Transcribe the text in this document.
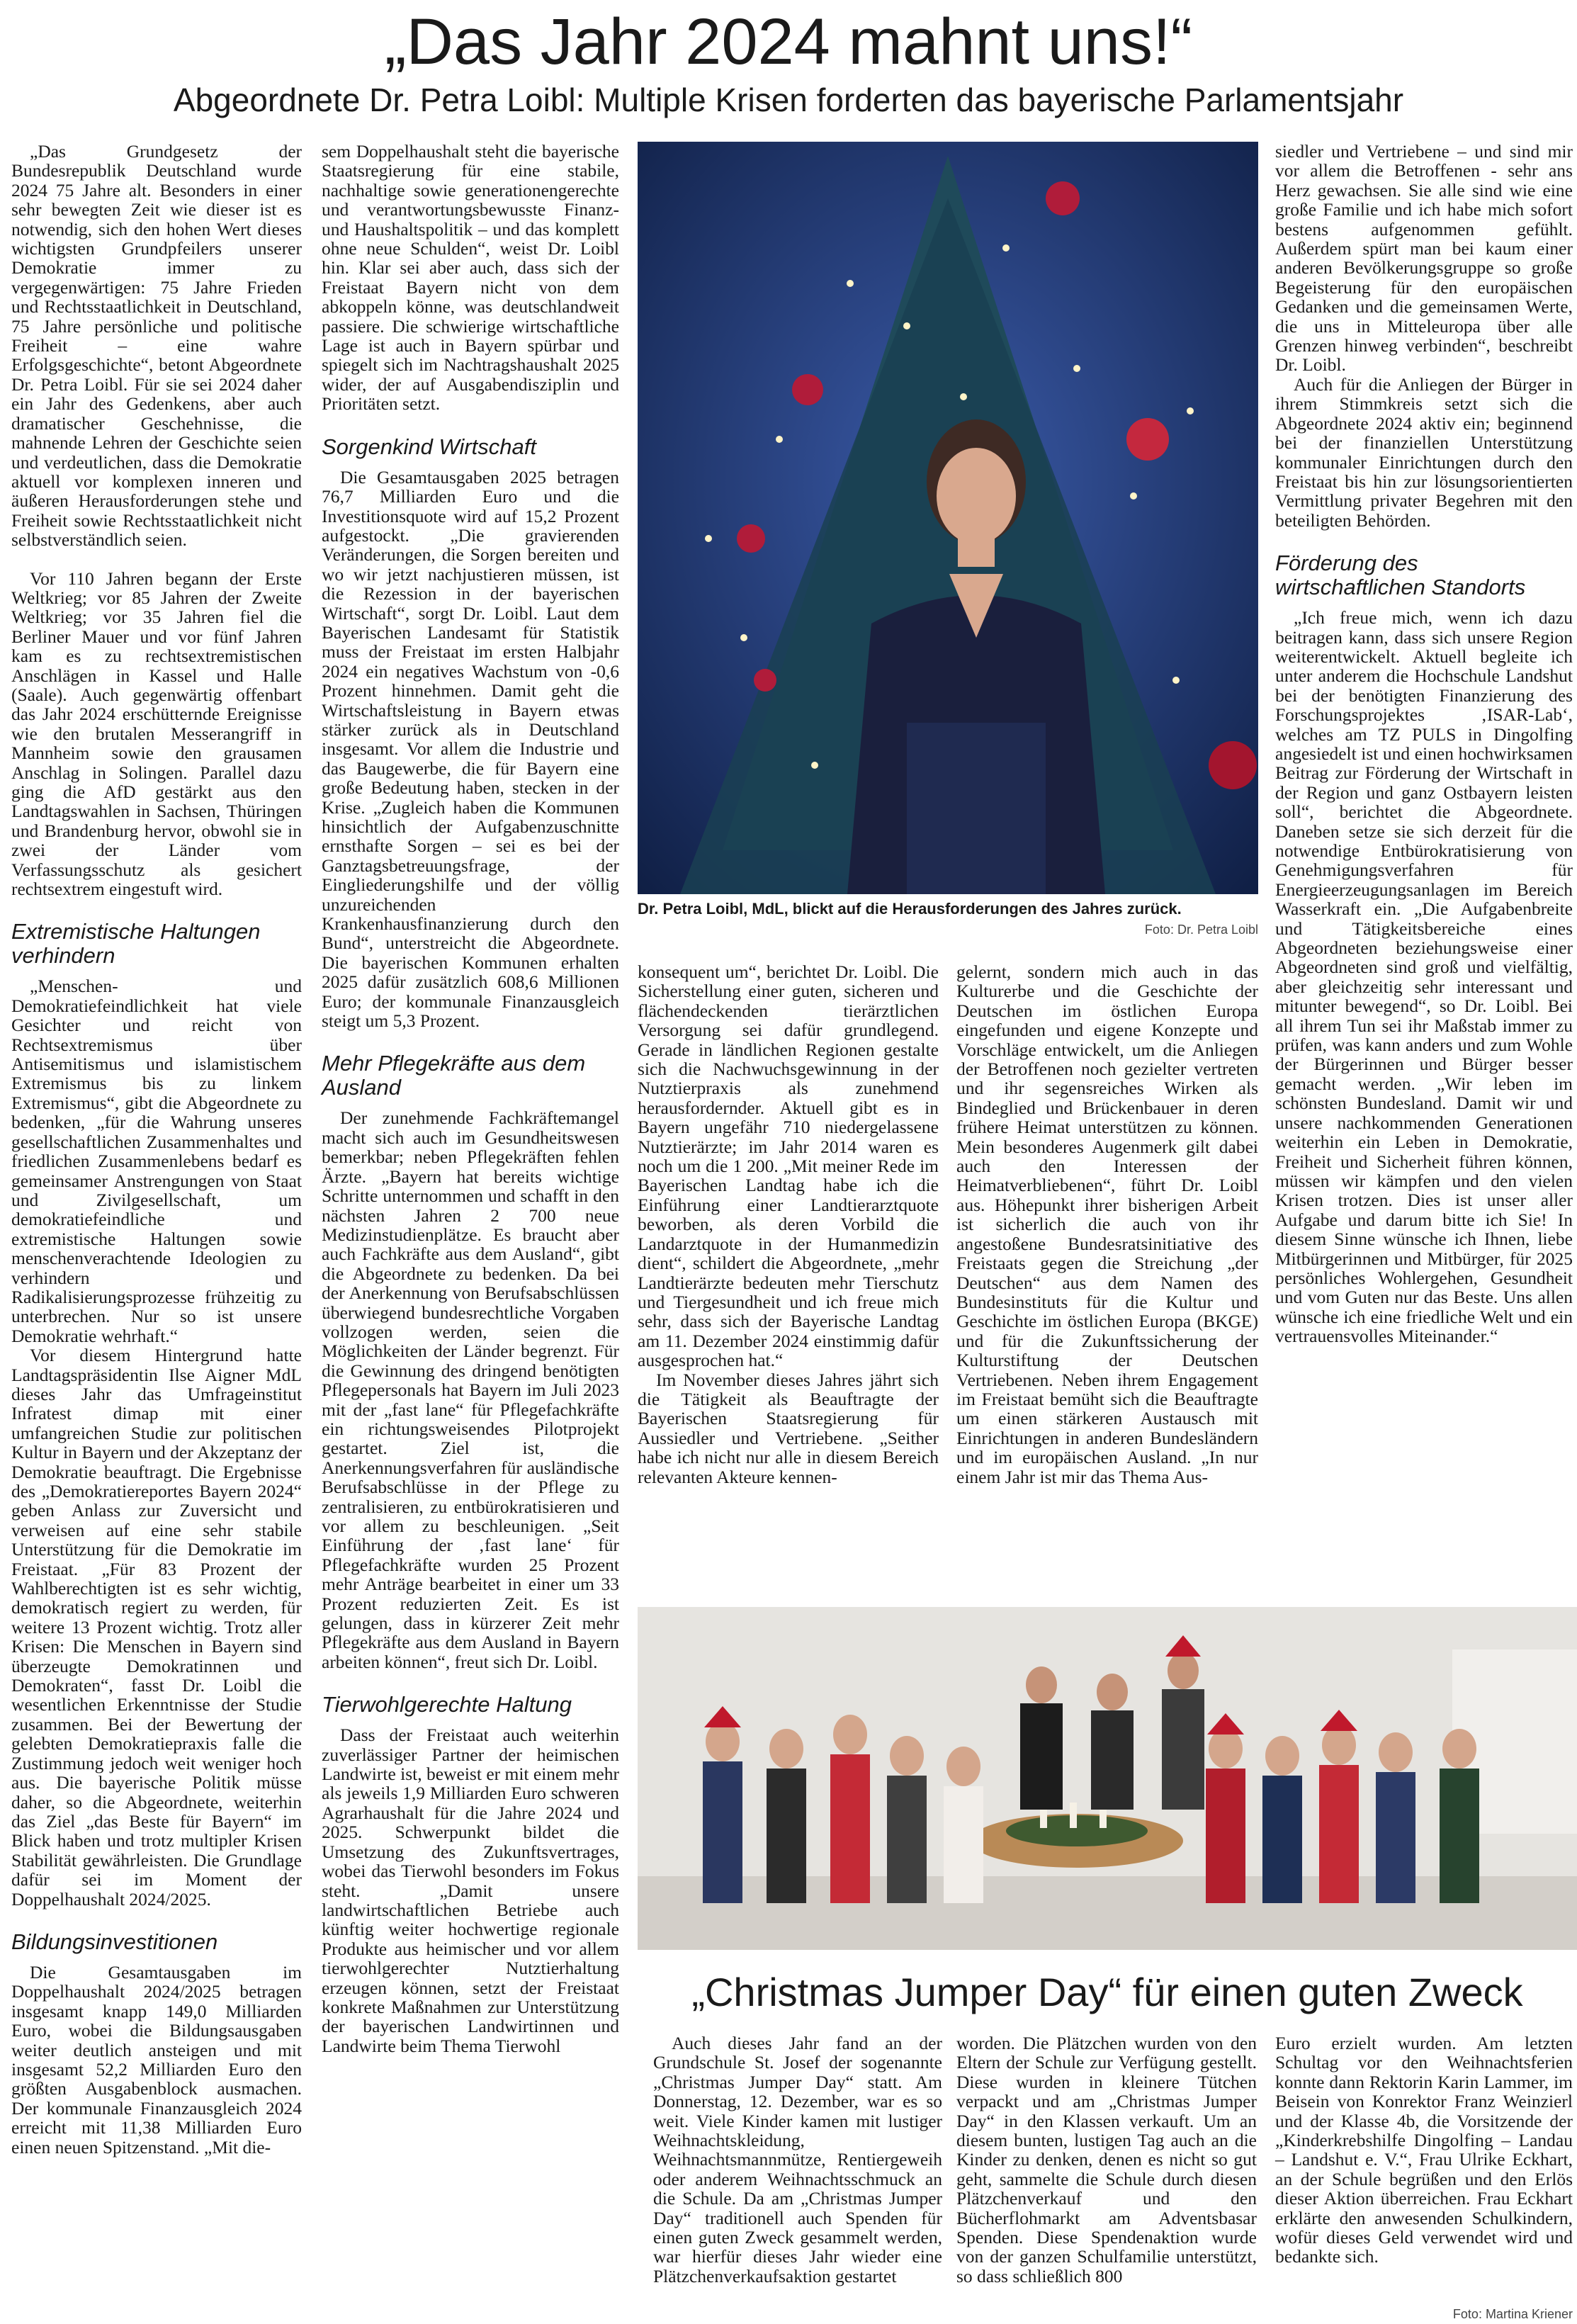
„Das Jahr 2024 mahnt uns!“
Abgeordnete Dr. Petra Loibl: Multiple Krisen forderten das bayerische Parlamentsjahr

„Das Grundgesetz der Bundesrepublik Deutschland wurde 2024 75 Jahre alt. Besonders in einer sehr bewegten Zeit wie dieser ist es notwendig, sich den hohen Wert dieses wichtigsten Grundpfeilers unserer Demokratie immer zu vergegenwärtigen: 75 Jahre Frieden und Rechtsstaatlichkeit in Deutschland, 75 Jahre persönliche und politische Freiheit – eine wahre Erfolgsgeschichte“, betont Abgeordnete Dr. Petra Loibl. Für sie sei 2024 daher ein Jahr des Gedenkens, aber auch dramatischer Geschehnisse, die mahnende Lehren der Geschichte seien und verdeutlichen, dass die Demokratie aktuell vor komplexen inneren und äußeren Herausforderungen stehe und Freiheit sowie Rechtsstaatlichkeit nicht selbstverständlich seien.

Vor 110 Jahren begann der Erste Weltkrieg; vor 85 Jahren der Zweite Weltkrieg; vor 35 Jahren fiel die Berliner Mauer und vor fünf Jahren kam es zu rechtsextremistischen Anschlägen in Kassel und Halle (Saale). Auch gegenwärtig offenbart das Jahr 2024 erschütternde Ereignisse wie den brutalen Messerangriff in Mannheim sowie den grausamen Anschlag in Solingen. Parallel dazu ging die AfD gestärkt aus den Landtagswahlen in Sachsen, Thüringen und Brandenburg hervor, obwohl sie in zwei der Länder vom Verfassungsschutz als gesichert rechtsextrem eingestuft wird.

Extremistische Haltungen verhindern

„Menschen- und Demokratiefeindlichkeit hat viele Gesichter und reicht von Rechtsextremismus über Antisemitismus und islamistischem Extremismus bis zu linkem Extremismus“, gibt die Abgeordnete zu bedenken, „für die Wahrung unseres gesellschaftlichen Zusammenhaltes und friedlichen Zusammenlebens bedarf es gemeinsamer Anstrengungen von Staat und Zivilgesellschaft, um demokratiefeindliche und extremistische Haltungen sowie menschenverachtende Ideologien zu verhindern und Radikalisierungsprozesse frühzeitig zu unterbrechen. Nur so ist unsere Demokratie wehrhaft.“

Vor diesem Hintergrund hatte Landtagspräsidentin Ilse Aigner MdL dieses Jahr das Umfrageinstitut Infratest dimap mit einer umfangreichen Studie zur politischen Kultur in Bayern und der Akzeptanz der Demokratie beauftragt. Die Ergebnisse des „Demokratiereportes Bayern 2024“ geben Anlass zur Zuversicht und verweisen auf eine sehr stabile Unterstützung für die Demokratie im Freistaat. „Für 83 Prozent der Wahlberechtigten ist es sehr wichtig, demokratisch regiert zu werden, für weitere 13 Prozent wichtig. Trotz aller Krisen: Die Menschen in Bayern sind überzeugte Demokratinnen und Demokraten“, fasst Dr. Loibl die wesentlichen Erkenntnisse der Studie zusammen. Bei der Bewertung der gelebten Demokratiepraxis falle die Zustimmung jedoch weit weniger hoch aus. Die bayerische Politik müsse daher, so die Abgeordnete, weiterhin das Ziel „das Beste für Bayern“ im Blick haben und trotz multipler Krisen Stabilität gewährleisten. Die Grundlage dafür sei im Moment der Doppelhaushalt 2024/2025.

Bildungsinvestitionen

Die Gesamtausgaben im Doppelhaushalt 2024/2025 betragen insgesamt knapp 149,0 Milliarden Euro, wobei die Bildungsausgaben weiter deutlich ansteigen und mit insgesamt 52,2 Milliarden Euro den größten Ausgabenblock ausmachen. Der kommunale Finanzausgleich 2024 erreicht mit 11,38 Milliarden Euro einen neuen Spitzenstand. „Mit die-

sem Doppelhaushalt steht die bayerische Staatsregierung für eine stabile, nachhaltige sowie generationengerechte und verantwortungsbewusste Finanz- und Haushaltspolitik – und das komplett ohne neue Schulden“, weist Dr. Loibl hin. Klar sei aber auch, dass sich der Freistaat Bayern nicht von dem abkoppeln könne, was deutschlandweit passiere. Die schwierige wirtschaftliche Lage ist auch in Bayern spürbar und spiegelt sich im Nachtragshaushalt 2025 wider, der auf Ausgabendisziplin und Prioritäten setzt.

Sorgenkind Wirtschaft

Die Gesamtausgaben 2025 betragen 76,7 Milliarden Euro und die Investitionsquote wird auf 15,2 Prozent aufgestockt. „Die gravierenden Veränderungen, die Sorgen bereiten und wo wir jetzt nachjustieren müssen, ist die Rezession in der bayerischen Wirtschaft“, sorgt Dr. Loibl. Laut dem Bayerischen Landesamt für Statistik muss der Freistaat im ersten Halbjahr 2024 ein negatives Wachstum von -0,6 Prozent hinnehmen. Damit geht die Wirtschaftsleistung in Bayern etwas stärker zurück als in Deutschland insgesamt. Vor allem die Industrie und das Baugewerbe, die für Bayern eine große Bedeutung haben, stecken in der Krise. „Zugleich haben die Kommunen hinsichtlich der Aufgabenzuschnitte ernsthafte Sorgen – sei es bei der Ganztagsbetreuungsfrage, der Eingliederungshilfe und der völlig unzureichenden Krankenhausfinanzierung durch den Bund“, unterstreicht die Abgeordnete. Die bayerischen Kommunen erhalten 2025 dafür zusätzlich 608,6 Millionen Euro; der kommunale Finanzausgleich steigt um 5,3 Prozent.

Mehr Pflegekräfte aus dem Ausland

Der zunehmende Fachkräftemangel macht sich auch im Gesundheitswesen bemerkbar; neben Pflegekräften fehlen Ärzte. „Bayern hat bereits wichtige Schritte unternommen und schafft in den nächsten Jahren 2 700 neue Medizinstudienplätze. Es braucht aber auch Fachkräfte aus dem Ausland“, gibt die Abgeordnete zu bedenken. Da bei der Anerkennung von Berufsabschlüssen überwiegend bundesrechtliche Vorgaben vollzogen werden, seien die Möglichkeiten der Länder begrenzt. Für die Gewinnung des dringend benötigten Pflegepersonals hat Bayern im Juli 2023 mit der „fast lane“ für Pflegefachkräfte ein richtungsweisendes Pilotprojekt gestartet. Ziel ist, die Anerkennungsverfahren für ausländische Berufsabschlüsse in der Pflege zu zentralisieren, zu entbürokratisieren und vor allem zu beschleunigen. „Seit Einführung der ‚fast lane‘ für Pflegefachkräfte wurden 25 Prozent mehr Anträge bearbeitet in einer um 33 Prozent reduzierten Zeit. Es ist gelungen, dass in kürzerer Zeit mehr Pflegekräfte aus dem Ausland in Bayern arbeiten können“, freut sich Dr. Loibl.

Tierwohlgerechte Haltung

Dass der Freistaat auch weiterhin zuverlässiger Partner der heimischen Landwirte ist, beweist er mit einem mehr als jeweils 1,9 Milliarden Euro schweren Agrarhaushalt für die Jahre 2024 und 2025. Schwerpunkt bildet die Umsetzung des Zukunftsvertrages, wobei das Tierwohl besonders im Fokus steht. „Damit unsere landwirtschaftlichen Betriebe auch künftig weiter hochwertige regionale Produkte aus heimischer und vor allem tierwohlgerechter Nutztierhaltung erzeugen können, setzt der Freistaat konkrete Maßnahmen zur Unterstützung der bayerischen Landwirtinnen und Landwirte beim Thema Tierwohl

Dr. Petra Loibl, MdL, blickt auf die Herausforderungen des Jahres zurück.
Foto: Dr. Petra Loibl

konsequent um“, berichtet Dr. Loibl. Die Sicherstellung einer guten, sicheren und flächendeckenden tierärztlichen Versorgung sei dafür grundlegend. Gerade in ländlichen Regionen gestalte sich die Nachwuchsgewinnung in der Nutztierpraxis als zunehmend herausfordernder. Aktuell gibt es in Bayern ungefähr 710 niedergelassene Nutztierärzte; im Jahr 2014 waren es noch um die 1 200. „Mit meiner Rede im Bayerischen Landtag habe ich die Einführung einer Landtierarztquote beworben, als deren Vorbild die Landarztquote in der Humanmedizin dient“, schildert die Abgeordnete, „mehr Landtierärzte bedeuten mehr Tierschutz und Tiergesundheit und ich freue mich sehr, dass sich der Bayerische Landtag am 11. Dezember 2024 einstimmig dafür ausgesprochen hat.“

Im November dieses Jahres jährt sich die Tätigkeit als Beauftragte der Bayerischen Staatsregierung für Aussiedler und Vertriebene. „Seither habe ich nicht nur alle in diesem Bereich relevanten Akteure kennen-

gelernt, sondern mich auch in das Kulturerbe und die Geschichte der Deutschen im östlichen Europa eingefunden und eigene Konzepte und Vorschläge entwickelt, um die Anliegen der Betroffenen noch gezielter vertreten und ihr segensreiches Wirken als Bindeglied und Brückenbauer in deren frühere Heimat unterstützen zu können. Mein besonderes Augenmerk gilt dabei auch den Interessen der Heimatverbliebenen“, führt Dr. Loibl aus. Höhepunkt ihrer bisherigen Arbeit ist sicherlich die auch von ihr angestoßene Bundesratsinitiative des Freistaats gegen die Streichung „der Deutschen“ aus dem Namen des Bundesinstituts für die Kultur und Geschichte im östlichen Europa (BKGE) und für die Zukunftssicherung der Kulturstiftung der Deutschen Vertriebenen. Neben ihrem Engagement im Freistaat bemüht sich die Beauftragte um einen stärkeren Austausch mit Einrichtungen in anderen Bundesländern und im europäischen Ausland. „In nur einem Jahr ist mir das Thema Aus-

siedler und Vertriebene – und sind mir vor allem die Betroffenen - sehr ans Herz gewachsen. Sie alle sind wie eine große Familie und ich habe mich sofort bestens aufgenommen gefühlt. Außerdem spürt man bei kaum einer anderen Bevölkerungsgruppe so große Begeisterung für den europäischen Gedanken und die gemeinsamen Werte, die uns in Mitteleuropa über alle Grenzen hinweg verbinden“, beschreibt Dr. Loibl.

Auch für die Anliegen der Bürger in ihrem Stimmkreis setzt sich die Abgeordnete 2024 aktiv ein; beginnend bei der finanziellen Unterstützung kommunaler Einrichtungen durch den Freistaat bis hin zur lösungsorientierten Vermittlung privater Begehren mit den beteiligten Behörden.

Förderung des wirtschaftlichen Standorts

„Ich freue mich, wenn ich dazu beitragen kann, dass sich unsere Region weiterentwickelt. Aktuell begleite ich unter anderem die Hochschule Landshut bei der benötigten Finanzierung des Forschungsprojektes ‚ISAR-Lab‘, welches am TZ PULS in Dingolfing angesiedelt ist und einen hochwirksamen Beitrag zur Förderung der Wirtschaft in der Region und ganz Ostbayern leisten soll“, berichtet die Abgeordnete. Daneben setze sie sich derzeit für die notwendige Entbürokratisierung von Genehmigungsverfahren für Energieerzeugungsanlagen im Bereich Wasserkraft ein. „Die Aufgabenbreite und Tätigkeitsbereiche eines Abgeordneten beziehungsweise einer Abgeordneten sind groß und vielfältig, aber gleichzeitig sehr interessant und mitunter bewegend“, so Dr. Loibl. Bei all ihrem Tun sei ihr Maßstab immer zu prüfen, was kann anders und zum Wohle der Bürgerinnen und Bürger besser gemacht werden. „Wir leben im schönsten Bundesland. Damit wir und unsere nachkommenden Generationen weiterhin ein Leben in Demokratie, Freiheit und Sicherheit führen können, müssen wir kämpfen und den vielen Krisen trotzen. Dies ist unser aller Aufgabe und darum bitte ich Sie! In diesem Sinne wünsche ich Ihnen, liebe Mitbürgerinnen und Mitbürger, für 2025 persönliches Wohlergehen, Gesundheit und vom Guten nur das Beste. Uns allen wünsche ich eine friedliche Welt und ein vertrauensvolles Miteinander.“

„Christmas Jumper Day“ für einen guten Zweck

Auch dieses Jahr fand an der Grundschule St. Josef der sogenannte „Christmas Jumper Day“ statt. Am Donnerstag, 12. Dezember, war es so weit. Viele Kinder kamen mit lustiger Weihnachtskleidung, Weihnachtsmannmütze, Rentiergeweih oder anderem Weihnachtsschmuck an die Schule. Da am „Christmas Jumper Day“ traditionell auch Spenden für einen guten Zweck gesammelt werden, war hierfür dieses Jahr wieder eine Plätzchenverkaufsaktion gestartet

worden. Die Plätzchen wurden von den Eltern der Schule zur Verfügung gestellt. Diese wurden in kleinere Tütchen verpackt und am „Christmas Jumper Day“ in den Klassen verkauft. Um an diesem bunten, lustigen Tag auch an die Kinder zu denken, denen es nicht so gut geht, sammelte die Schule durch diesen Plätzchenverkauf und den Bücherflohmarkt am Adventsbasar Spenden. Diese Spendenaktion wurde von der ganzen Schulfamilie unterstützt, so dass schließlich 800

Euro erzielt wurden. Am letzten Schultag vor den Weihnachtsferien konnte dann Rektorin Karin Lammer, im Beisein von Konrektor Franz Weinzierl und der Klasse 4b, die Vorsitzende der „Kinderkrebshilfe Dingolfing – Landau – Landshut e. V.“, Frau Ulrike Eckhart, an der Schule begrüßen und den Erlös dieser Aktion überreichen. Frau Eckhart erklärte den anwesenden Schulkindern, wofür dieses Geld verwendet wird und bedankte sich.

Foto: Martina Kriener
